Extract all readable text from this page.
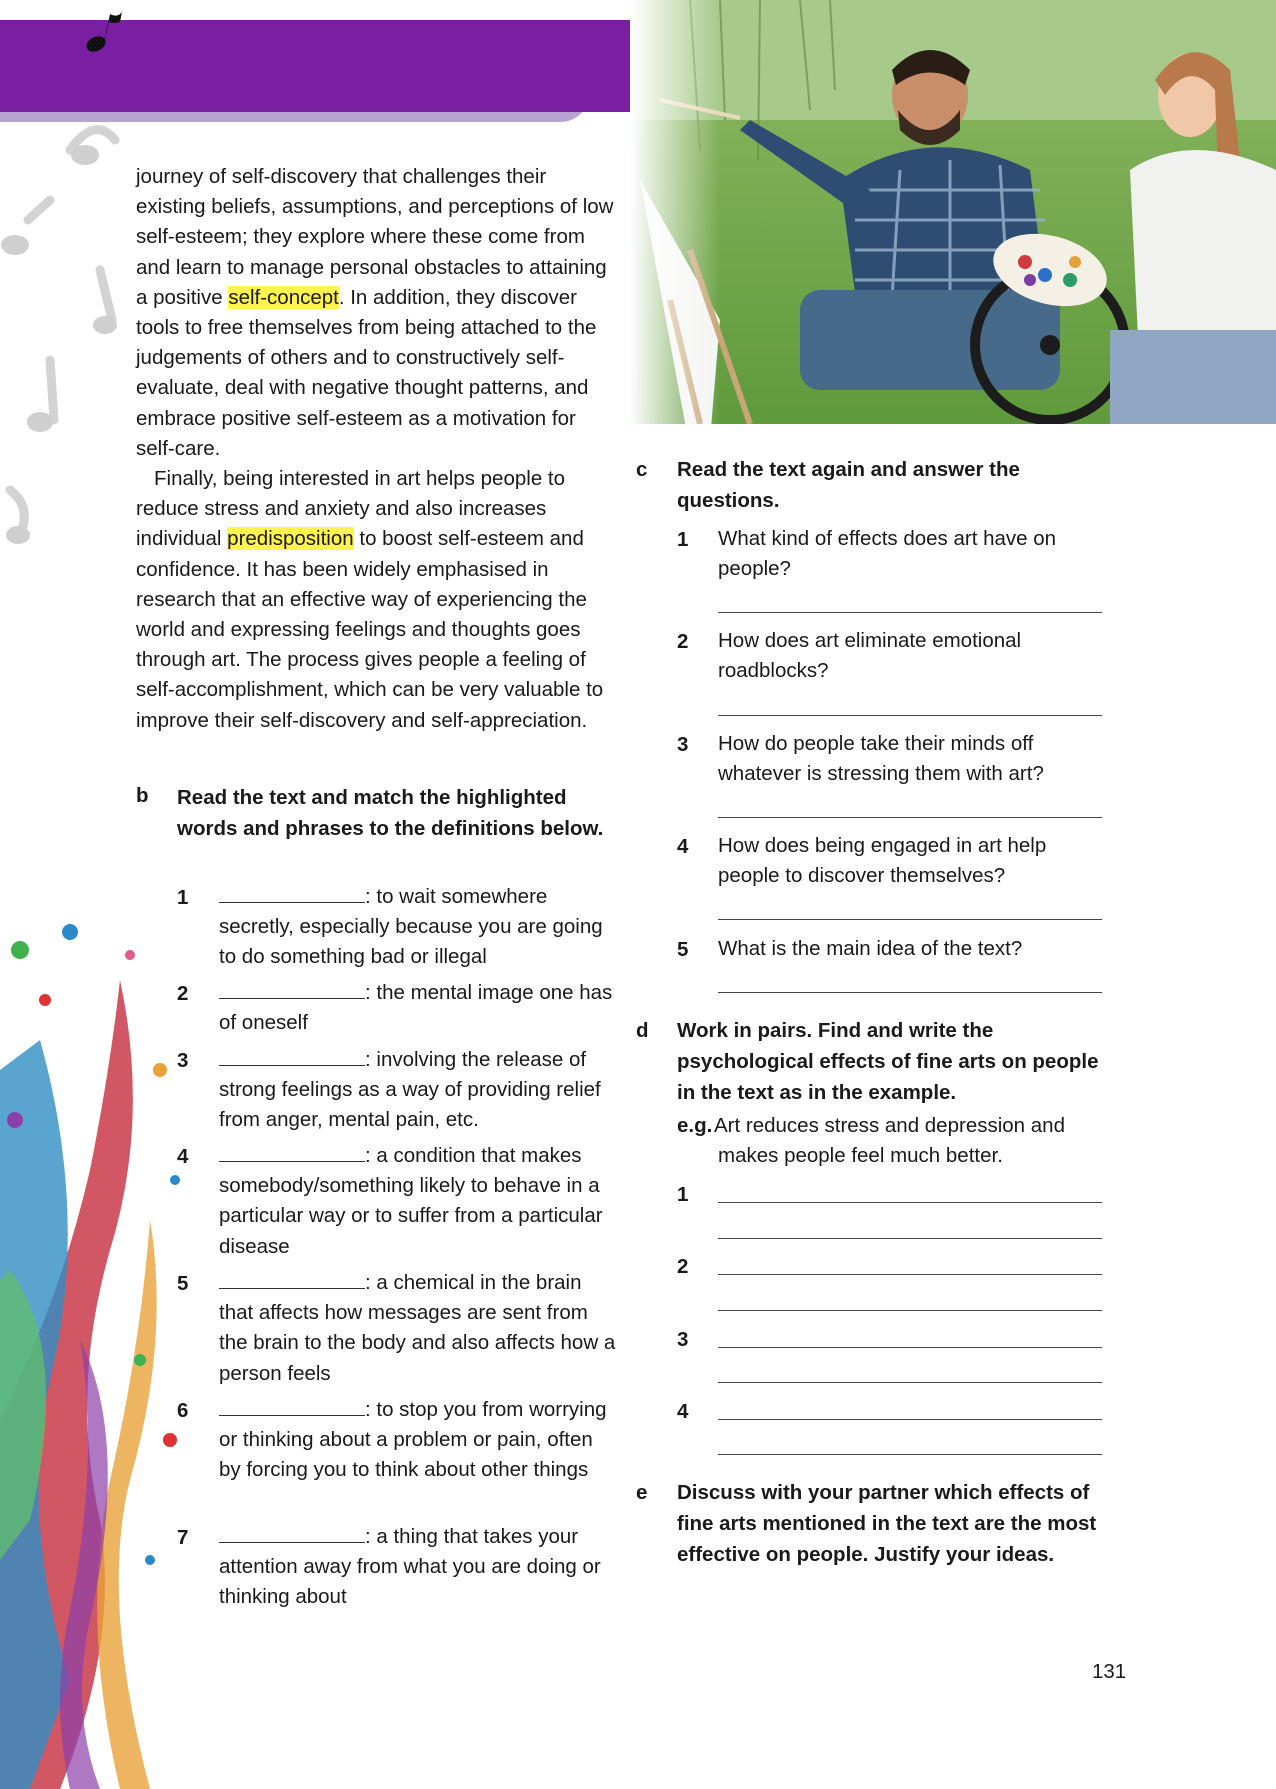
journey of self-discovery that challenges their existing beliefs, assumptions, and perceptions of low self-esteem; they explore where these come from and learn to manage personal obstacles to attaining a positive self-concept. In addition, they discover tools to free themselves from being attached to the judgements of others and to constructively self-evaluate, deal with negative thought patterns, and embrace positive self-esteem as a motivation for self-care.

Finally, being interested in art helps people to reduce stress and anxiety and also increases individual predisposition to boost self-esteem and confidence. It has been widely emphasised in research that an effective way of experiencing the world and expressing feelings and thoughts goes through art. The process gives people a feeling of self-accomplishment, which can be very valuable to improve their self-discovery and self-appreciation.

b Read the text and match the highlighted words and phrases to the definitions below.
1	: to wait somewhere secretly, especially because you are going to do something bad or illegal
2	: the mental image one has of oneself
3	: involving the release of strong feelings as a way of providing relief from anger, mental pain, etc.
4	: a condition that makes somebody/something likely to behave in a particular way or to suffer from a particular disease
5	: a chemical in the brain that affects how messages are sent from the brain to the body and also affects how a person feels
6	: to stop you from worrying or thinking about a problem or pain, often by forcing you to think about other things
7	: a thing that takes your attention away from what you are doing or thinking about
c Read the text again and answer the questions.
1 What kind of effects does art have on people?
2 How does art eliminate emotional roadblocks?
3 How do people take their minds off whatever is stressing them with art?
4 How does being engaged in art help people to discover themselves?
5 What is the main idea of the text?
d Work in pairs. Find and write the psychological effects of fine arts on people in the text as in the example.
e.g. Art reduces stress and depression and makes people feel much better.
1
2
3
4
e Discuss with your partner which effects of fine arts mentioned in the text are the most effective on people. Justify your ideas.
131
